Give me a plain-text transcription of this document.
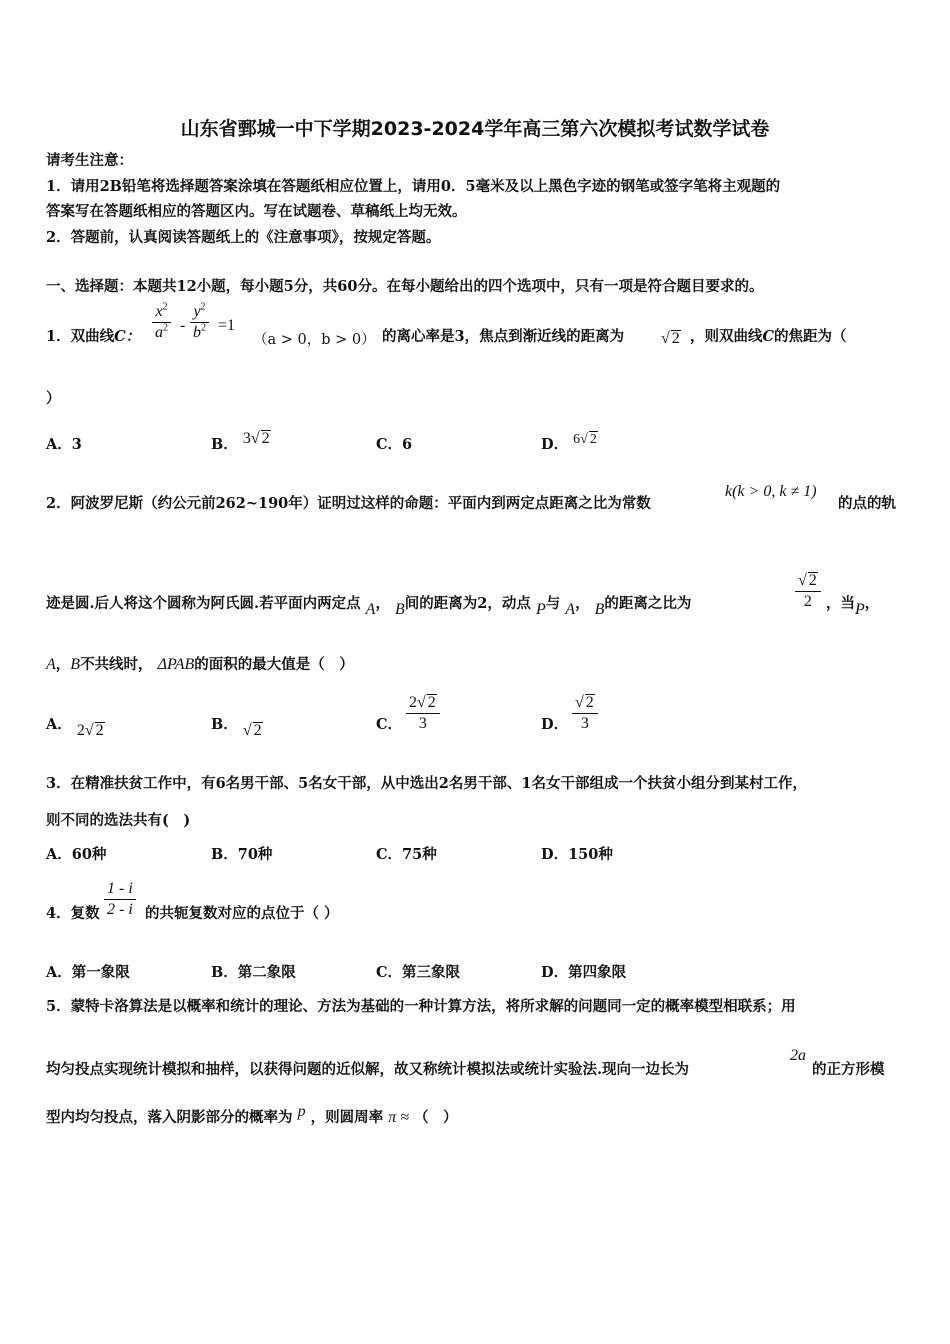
山东省鄄城一中下学期2023-2024学年高三第六次模拟考试数学试卷
请考生注意：
1．请用2B铅笔将选择题答案涂填在答题纸相应位置上，请用0．5毫米及以上黑色字迹的钢笔或签字笔将主观题的
答案写在答题纸相应的答题区内。写在试题卷、草稿纸上均无效。
2．答题前，认真阅读答题纸上的《注意事项》，按规定答题。
一、选择题：本题共12小题，每小题5分，共60分。在每小题给出的四个选项中，只有一项是符合题目要求的。
1．双曲线C：
$x^2$
$a^2$ -
$y^2$
$b^2 =1$
（a > 0，b > 0） 的离心率是3，焦点到渐近线的距离为 √ 2 ，则双曲线C的焦距为（
）
A．3	B． 3√ 2	C．6	D． 6√ 2
2．阿波罗尼斯（约公元前262~190年）证明过这样的命题：平面内到两定点距离之比为常数
k(k > 0, k ≠ 1)
的点的轨
迹是圆.后人将这个圆称为阿氏圆.若平面内两定点 A， B间的距离为2，动点 P与 A， B的距离之比为
√ 2
2 ，当P，
A，B不共线时， ΔPAB的面积的最大值是（　）
A． 2√ 2	B． √ 2	C．
2√ 2
3	D．
√ 2
3
3．在精准扶贫工作中，有6名男干部、5名女干部，从中选出2名男干部、1名女干部组成一个扶贫小组分到某村工作，
则不同的选法共有(　)
A．60种	B．70种	C．75种	D．150种
4．复数
1 - i
2 - i 的共轭复数对应的点位于（ ）
A．第一象限	B．第二象限	C．第三象限	D．第四象限
5．蒙特卡洛算法是以概率和统计的理论、方法为基础的一种计算方法，将所求解的问题同一定的概率模型相联系；用
均匀投点实现统计模拟和抽样，以获得问题的近似解，故又称统计模拟法或统计实验法.现向一边长为
2a
的正方形模
型内均匀投点，落入阴影部分的概率为 p ，则圆周率 π ≈ （　）
